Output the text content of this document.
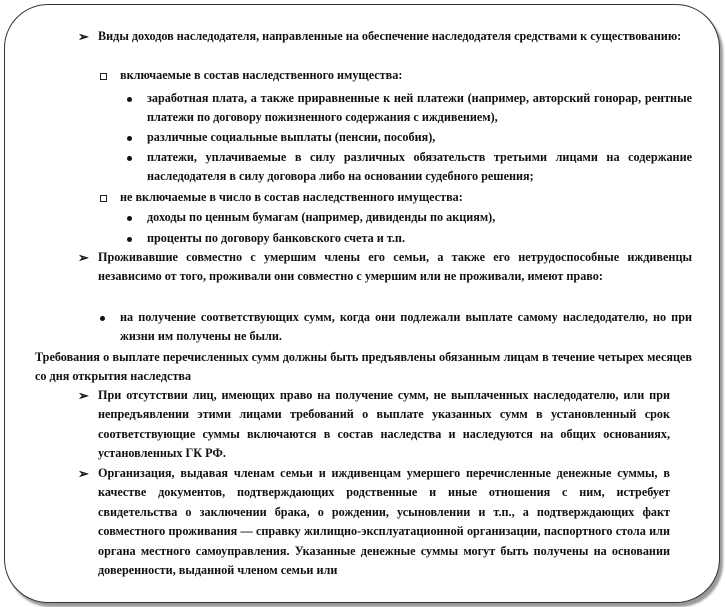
➢ Виды доходов наследодателя, направленные на обеспечение наследодателя средствами к существованию:
включаемые в состав наследственного имущества:
заработная плата, а также приравненные к ней платежи (например, авторский гонорар, рентные платежи по договору пожизненного содержания с иждивением),
различные социальные выплаты (пенсии, пособия),
платежи, уплачиваемые в силу различных обязательств третьими лицами на содержание наследодателя в силу договора либо на основании судебного решения;
не включаемые в число в состав наследственного имущества:
доходы по ценным бумагам (например, дивиденды по акциям),
проценты по договору банковского счета и т.п.
➢ Проживавшие совместно с умершим члены его семьи, а также его нетрудоспособные иждивенцы независимо от того, проживали они совместно с умершим или не проживали, имеют право:
на получение соответствующих сумм, когда они подлежали выплате самому наследодателю, но при жизни им получены не были.
Требования о выплате перечисленных сумм должны быть предъявлены обязанным лицам в течение четырех месяцев со дня открытия наследства
➢ При отсутствии лиц, имеющих право на получение сумм, не выплаченных наследодателю, или при непредъявлении этими лицами требований о выплате указанных сумм в установленный срок соответствующие суммы включаются в состав наследства и наследуются на общих основаниях, установленных ГК РФ.
➢ Организация, выдавая членам семьи и иждивенцам умершего перечисленные денежные суммы, в качестве документов, подтверждающих родственные и иные отношения с ним, истребует свидетельства о заключении брака, о рождении, усыновлении и т.п., а подтверждающих факт совместного проживания — справку жилищно-эксплуатационной организации, паспортного стола или органа местного самоуправления. Указанные денежные суммы могут быть получены на основании доверенности, выданной членом семьи или
